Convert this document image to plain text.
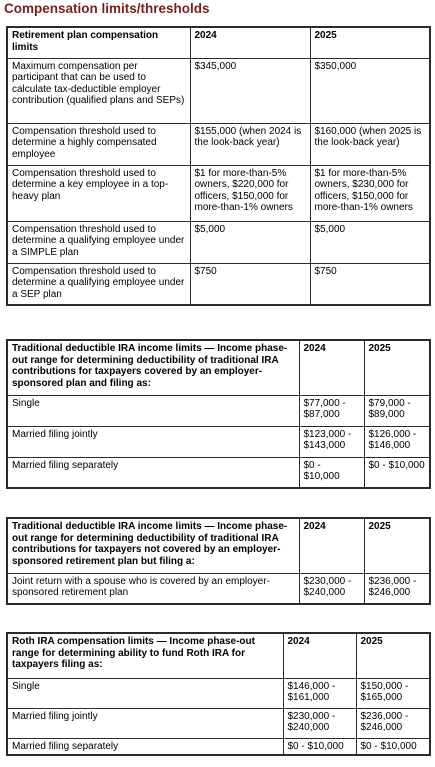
Compensation limits/thresholds
Retirement plan compensation limits	2024	2025
Maximum compensation per participant that can be used to calculate tax-deductible employer contribution (qualified plans and SEPs)	$345,000	$350,000
Compensation threshold used to determine a highly compensated employee	$155,000 (when 2024 is the look-back year)	$160,000 (when 2025 is the look-back year)
Compensation threshold used to determine a key employee in a top-heavy plan	$1 for more-than-5% owners, $220,000 for officers, $150,000 for more-than-1% owners	$1 for more-than-5% owners, $230,000 for officers, $150,000 for more-than-1% owners
Compensation threshold used to determine a qualifying employee under a SIMPLE plan	$5,000	$5,000
Compensation threshold used to determine a qualifying employee under a SEP plan	$750	$750
Traditional deductible IRA income limits — Income phase-out range for determining deductibility of traditional IRA contributions for taxpayers covered by an employer-sponsored plan and filing as:	2024	2025
Single	$77,000 - $87,000	$79,000 - $89,000
Married filing jointly	$123,000 - $143,000	$126,000 - $146,000
Married filing separately	$0 - $10,000	$0 - $10,000
Traditional deductible IRA income limits — Income phase-out range for determining deductibility of traditional IRA contributions for taxpayers not covered by an employer-sponsored retirement plan but filing a:	2024	2025
Joint return with a spouse who is covered by an employer-sponsored retirement plan	$230,000 - $240,000	$236,000 - $246,000
Roth IRA compensation limits — Income phase-out range for determining ability to fund Roth IRA for taxpayers filing as:	2024	2025
Single	$146,000 - $161,000	$150,000 - $165,000
Married filing jointly	$230,000 - $240,000	$236,000 - $246,000
Married filing separately	$0 - $10,000	$0 - $10,000
